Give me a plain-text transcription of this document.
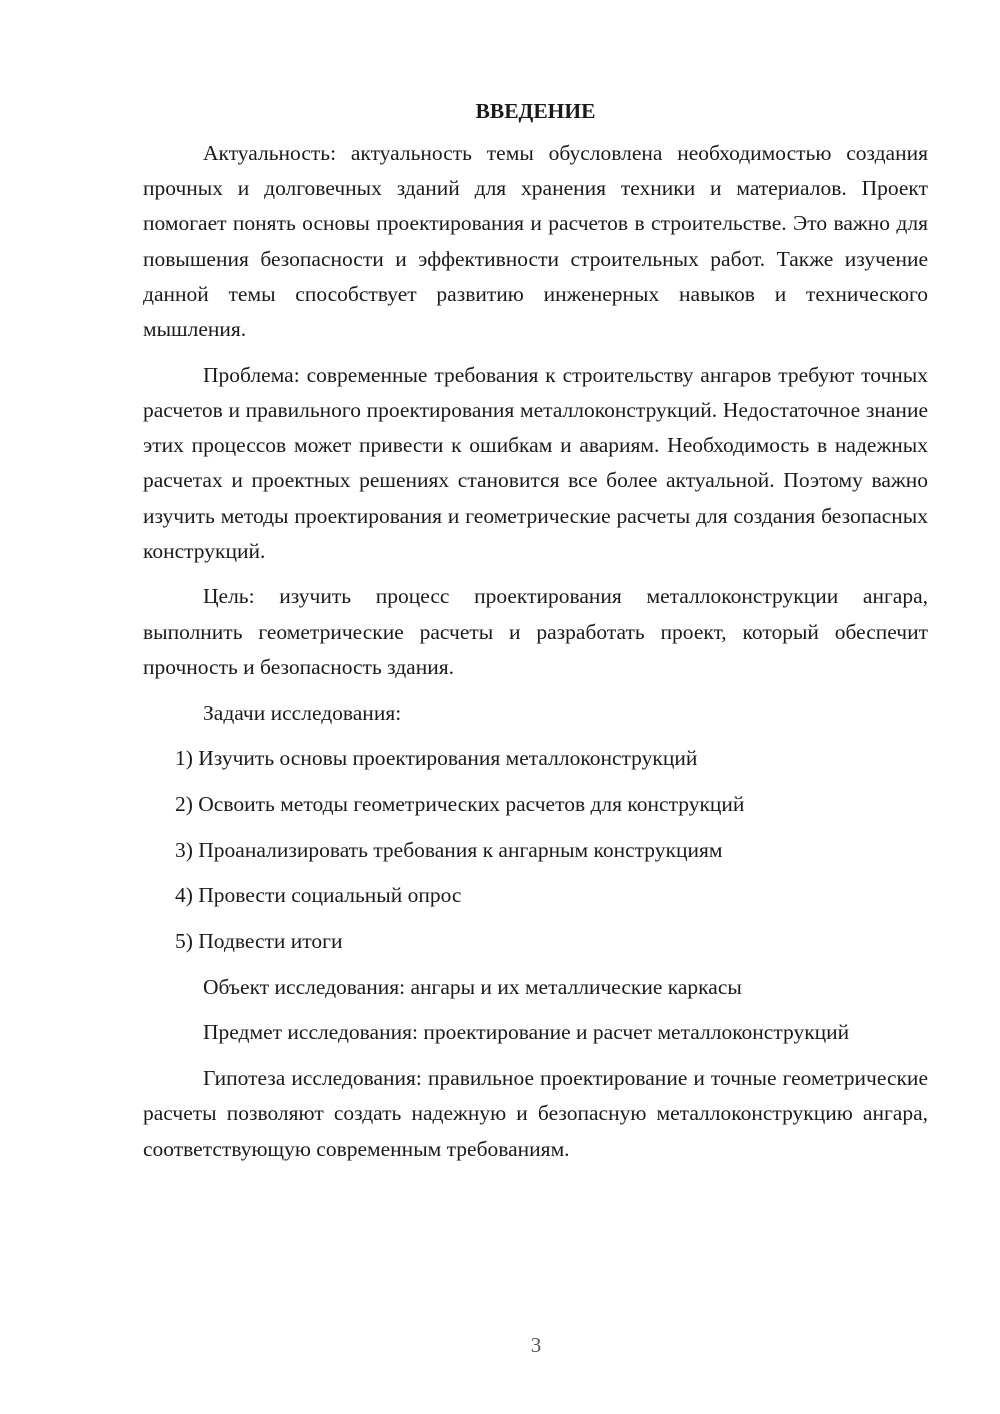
ВВЕДЕНИЕ

Актуальность: актуальность темы обусловлена необходимостью создания прочных и долговечных зданий для хранения техники и материалов. Проект помогает понять основы проектирования и расчетов в строительстве. Это важно для повышения безопасности и эффективности строительных работ. Также изучение данной темы способствует развитию инженерных навыков и технического мышления.

Проблема: современные требования к строительству ангаров требуют точных расчетов и правильного проектирования металлоконструкций. Недостаточное знание этих процессов может привести к ошибкам и авариям. Необходимость в надежных расчетах и проектных решениях становится все более актуальной. Поэтому важно изучить методы проектирования и геометрические расчеты для создания безопасных конструкций.

Цель: изучить процесс проектирования металлоконструкции ангара, выполнить геометрические расчеты и разработать проект, который обеспечит прочность и безопасность здания.

Задачи исследования:

1) Изучить основы проектирования металлоконструкций
2) Освоить методы геометрических расчетов для конструкций
3) Проанализировать требования к ангарным конструкциям
4) Провести социальный опрос
5) Подвести итоги

Объект исследования: ангары и их металлические каркасы

Предмет исследования: проектирование и расчет металлоконструкций

Гипотеза исследования: правильное проектирование и точные геометрические расчеты позволяют создать надежную и безопасную металлоконструкцию ангара, соответствующую современным требованиям.

3
